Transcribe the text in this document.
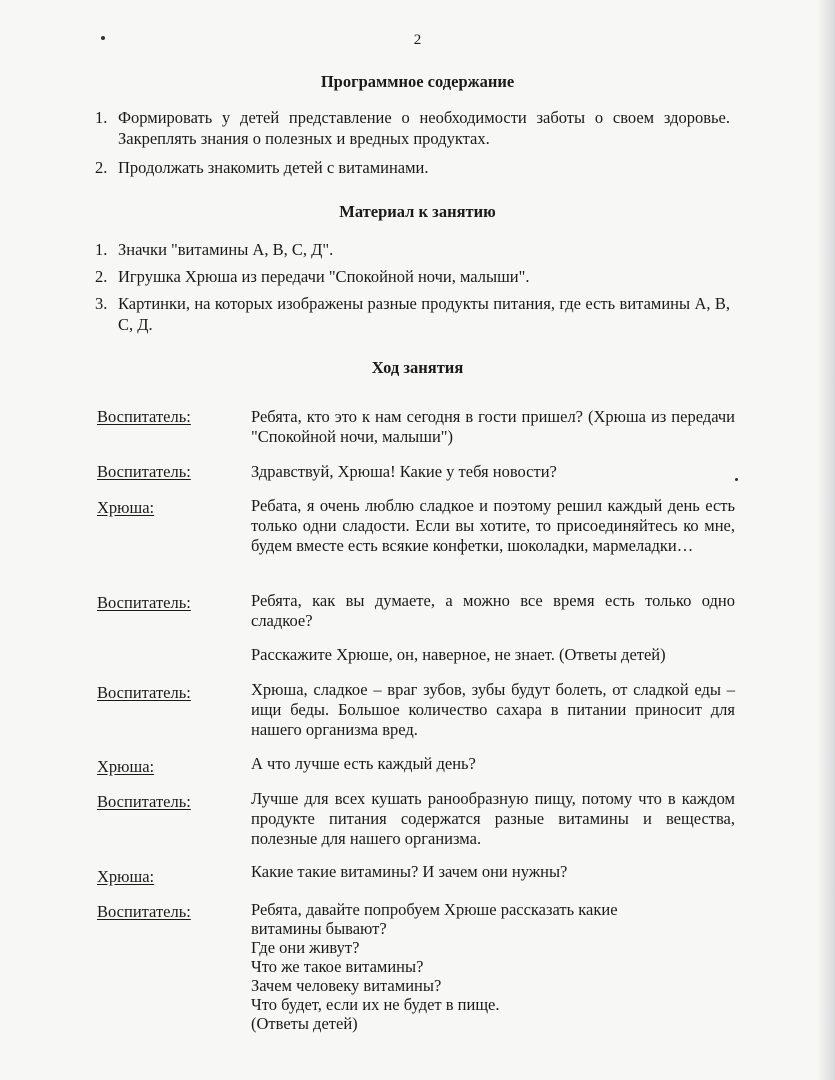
2
Программное содержание
1. Формировать у детей представление о необходимости заботы о своем здоровье. Закреплять знания о полезных и вредных продуктах.
2. Продолжать знакомить детей с витаминами.
Материал к занятию
1. Значки "витамины А, В, С, Д".
2. Игрушка Хрюша из передачи "Спокойной ночи, малыши".
3. Картинки, на которых изображены разные продукты питания, где есть витамины А, В, С, Д.
Ход занятия
Воспитатель:	Ребята, кто это к нам сегодня в гости пришел? (Хрюша из передачи "Спокойной ночи, малыши")
Воспитатель:	Здравствуй, Хрюша! Какие у тебя новости?
Хрюша:	Ребата, я очень люблю сладкое и поэтому решил каждый день есть только одни сладости. Если вы хотите, то присоединяйтесь ко мне, будем вместе есть всякие конфетки, шоколадки, мармеладки…
Воспитатель:	Ребята, как вы думаете, а можно все время есть только одно сладкое?
Расскажите Хрюше, он, наверное, не знает. (Ответы детей)
Воспитатель:	Хрюша, сладкое – враг зубов, зубы будут болеть, от сладкой еды – ищи беды. Большое количество сахара в питании приносит для нашего организма вред.
Хрюша:	А что лучше есть каждый день?
Воспитатель:	Лучше для всех кушать ранообразную пищу, потому что в каждом продукте питания содержатся разные витамины и вещества, полезные для нашего организма.
Хрюша:	Какие такие витамины? И зачем они нужны?
Воспитатель:	Ребята, давайте попробуем Хрюше рассказать какие
витамины бывают?
Где они живут?
Что же такое витамины?
Зачем человеку витамины?
Что будет, если их не будет в пище.
(Ответы детей)
